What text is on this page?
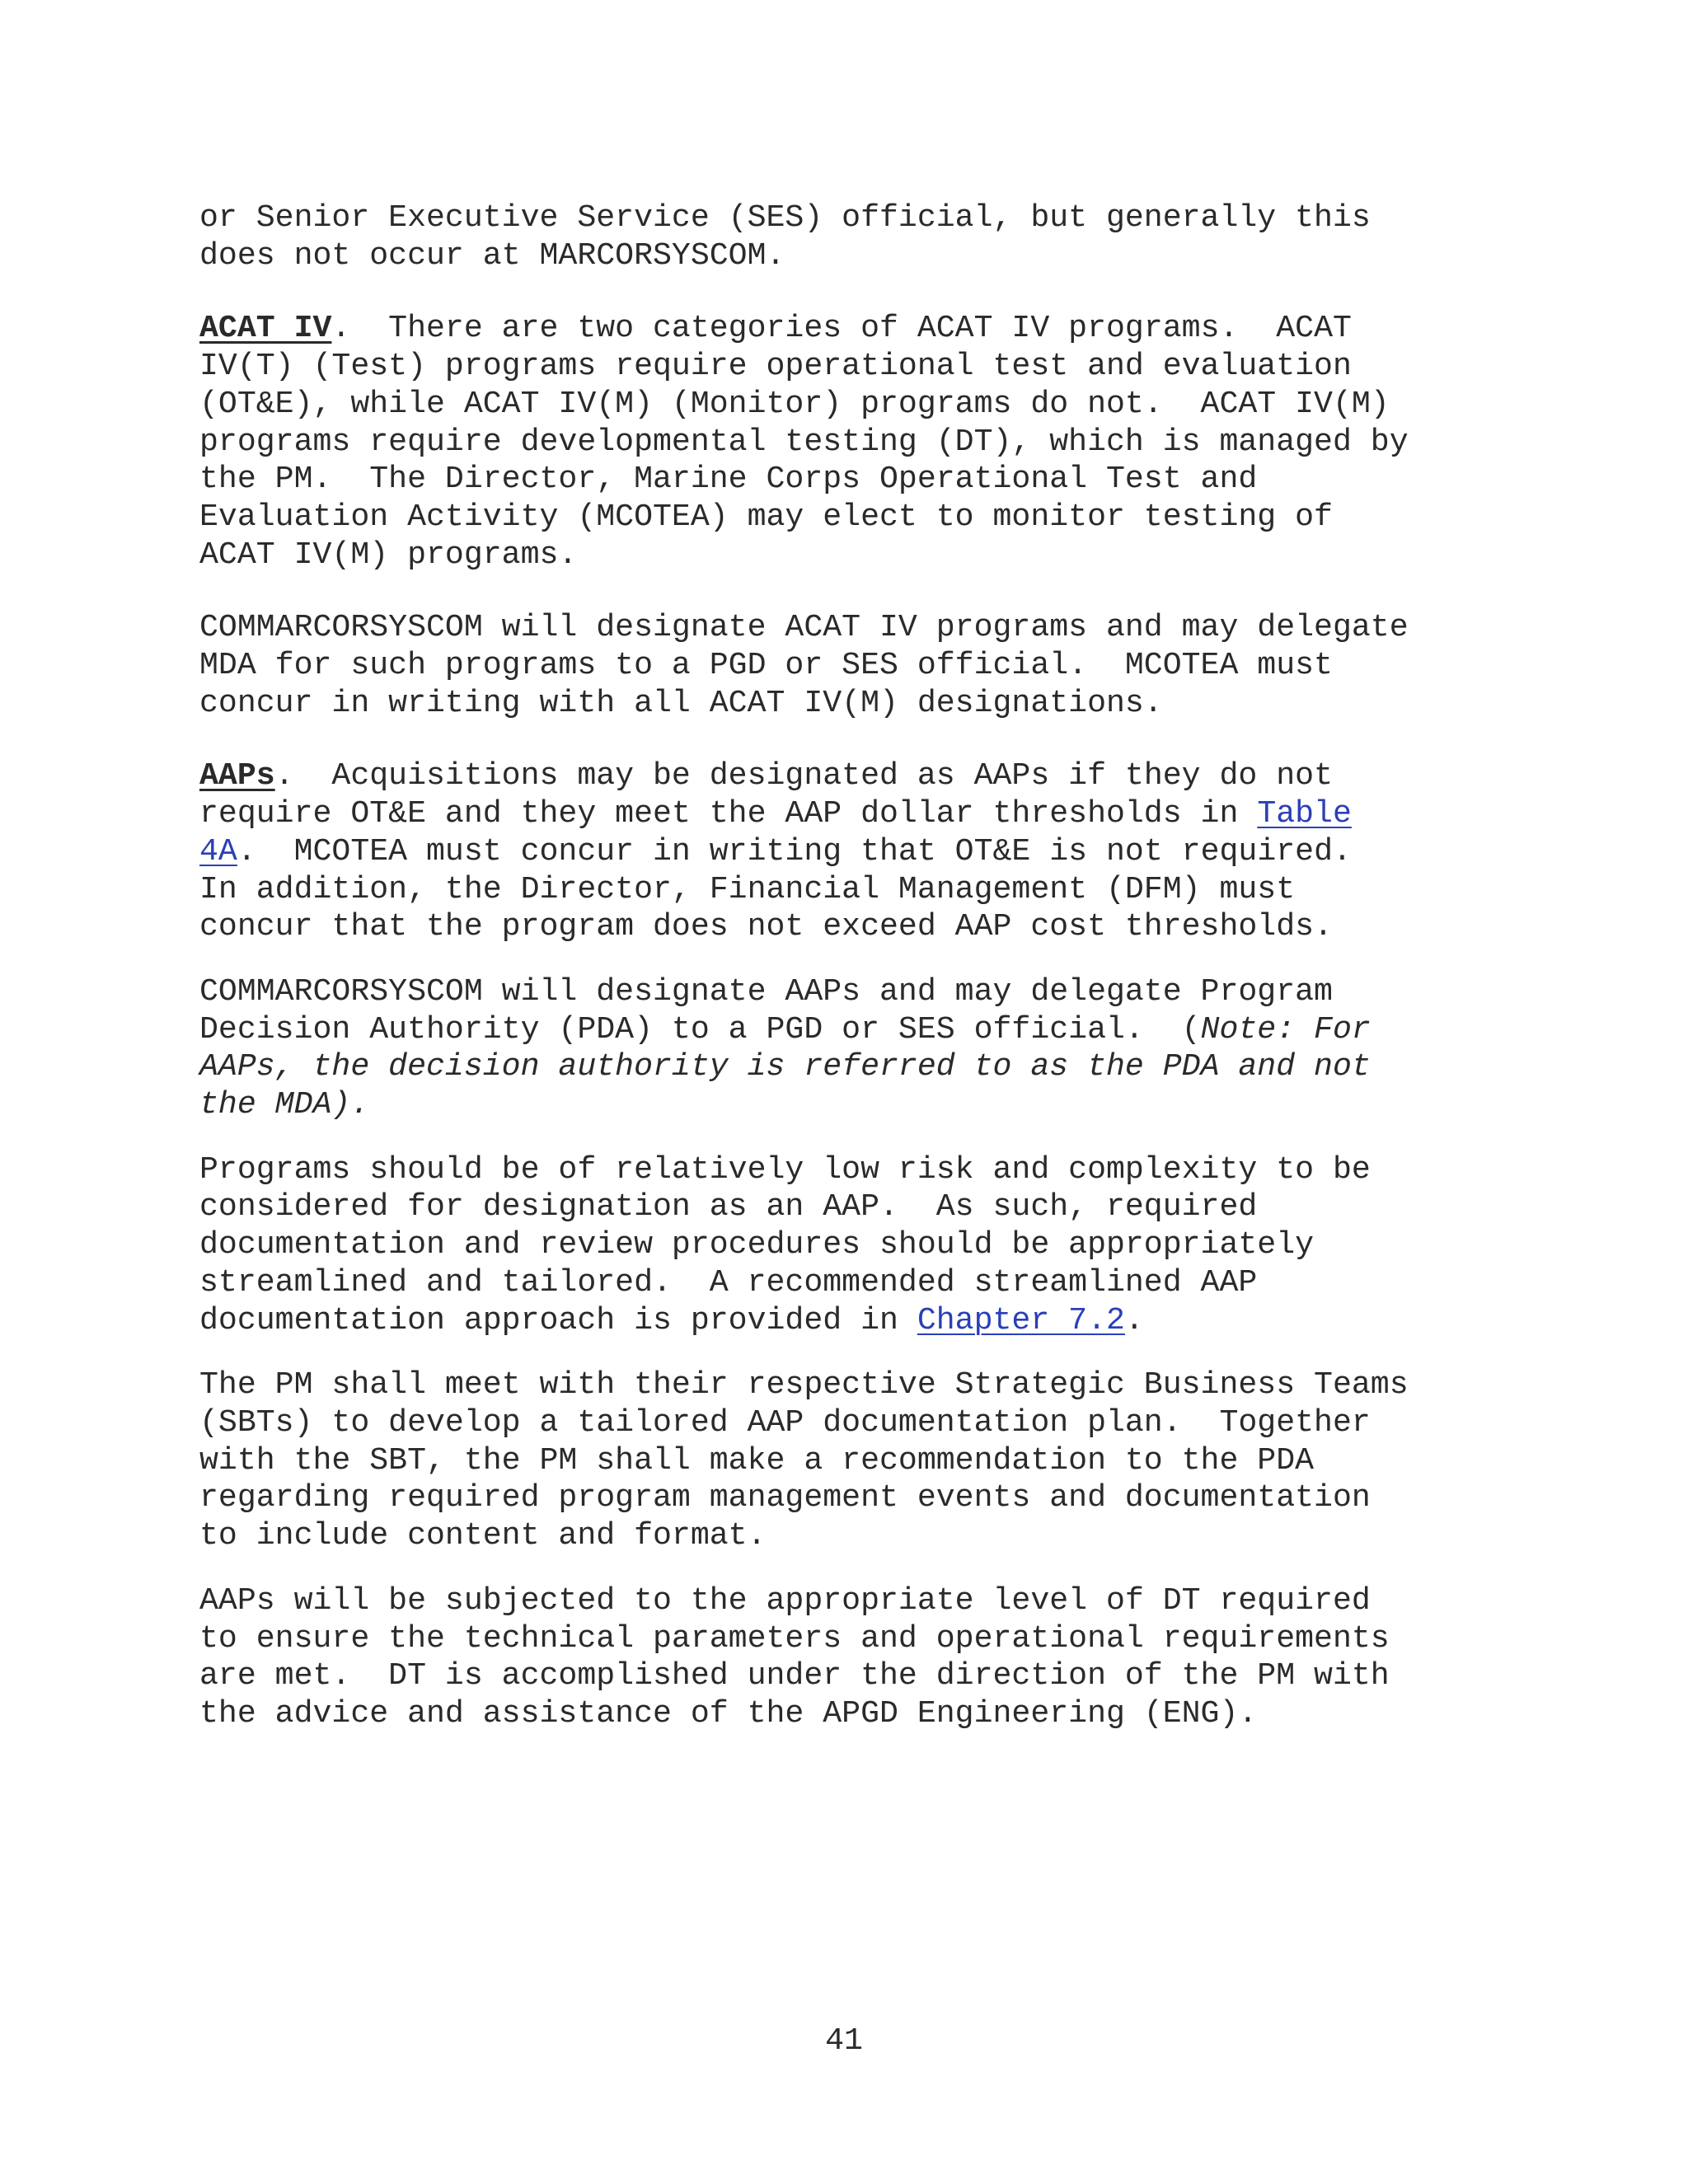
or Senior Executive Service (SES) official, but generally this
does not occur at MARCORSYSCOM.

ACAT IV.  There are two categories of ACAT IV programs.  ACAT
IV(T) (Test) programs require operational test and evaluation
(OT&E), while ACAT IV(M) (Monitor) programs do not.  ACAT IV(M)
programs require developmental testing (DT), which is managed by
the PM.  The Director, Marine Corps Operational Test and
Evaluation Activity (MCOTEA) may elect to monitor testing of
ACAT IV(M) programs.

COMMARCORSYSCOM will designate ACAT IV programs and may delegate
MDA for such programs to a PGD or SES official.  MCOTEA must
concur in writing with all ACAT IV(M) designations.

AAPs.  Acquisitions may be designated as AAPs if they do not
require OT&E and they meet the AAP dollar thresholds in Table
4A.  MCOTEA must concur in writing that OT&E is not required.
In addition, the Director, Financial Management (DFM) must
concur that the program does not exceed AAP cost thresholds.

COMMARCORSYSCOM will designate AAPs and may delegate Program
Decision Authority (PDA) to a PGD or SES official.  (Note: For
AAPs, the decision authority is referred to as the PDA and not
the MDA).

Programs should be of relatively low risk and complexity to be
considered for designation as an AAP.  As such, required
documentation and review procedures should be appropriately
streamlined and tailored.  A recommended streamlined AAP
documentation approach is provided in Chapter 7.2.

The PM shall meet with their respective Strategic Business Teams
(SBTs) to develop a tailored AAP documentation plan.  Together
with the SBT, the PM shall make a recommendation to the PDA
regarding required program management events and documentation
to include content and format.

AAPs will be subjected to the appropriate level of DT required
to ensure the technical parameters and operational requirements
are met.  DT is accomplished under the direction of the PM with
the advice and assistance of the APGD Engineering (ENG).

41
